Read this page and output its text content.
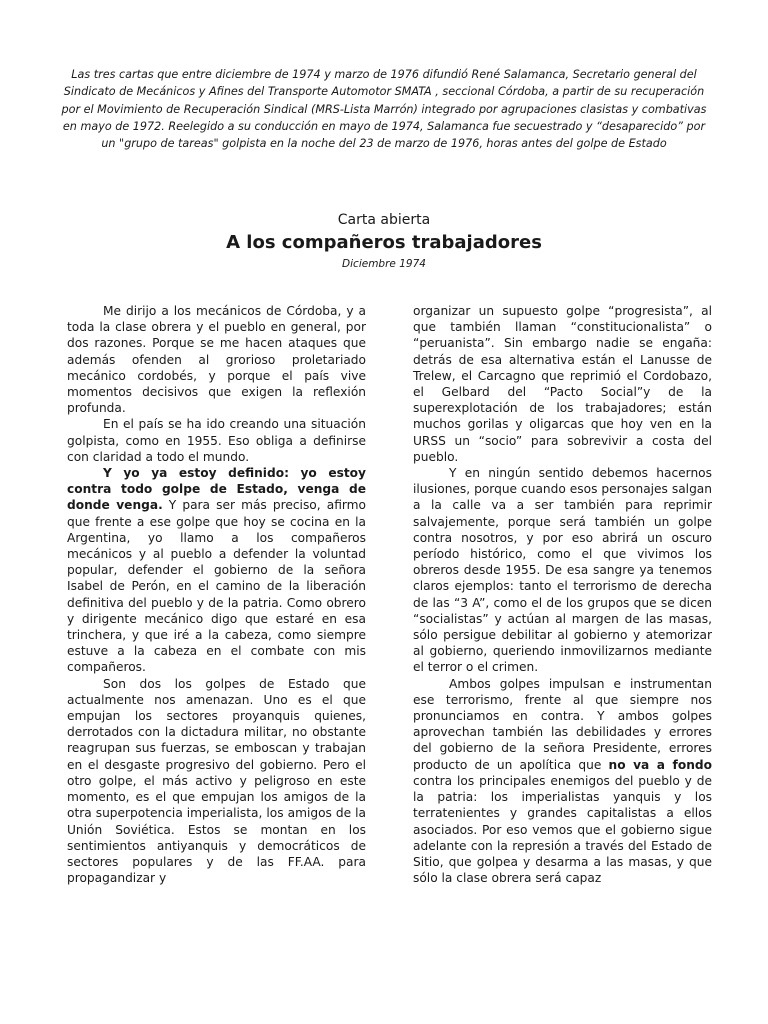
Las tres cartas que entre diciembre de 1974 y marzo de 1976 difundió René Salamanca, Secretario general del Sindicato de Mecánicos y Afines del Transporte Automotor SMATA , seccional Córdoba, a partir de su recuperación por el Movimiento de Recuperación Sindical (MRS-Lista Marrón) integrado por agrupaciones clasistas y combativas en mayo de 1972. Reelegido a su conducción en mayo de 1974, Salamanca fue secuestrado y “desaparecido” por un "grupo de tareas" golpista en la noche del 23 de marzo de 1976, horas antes del golpe de Estado
Carta abierta
A los compañeros trabajadores
Diciembre 1974

Me dirijo a los mecánicos de Córdoba, y a toda la clase obrera y el pueblo en general, por dos razones. Porque se me hacen ataques que además ofenden al grorioso proletariado mecánico cordobés, y porque el país vive momentos decisivos que exigen la reflexión profunda.

En el país se ha ido creando una situación golpista, como en 1955. Eso obliga a definirse con claridad a todo el mundo.

Y yo ya estoy definido: yo estoy contra todo golpe de Estado, venga de donde venga. Y para ser más preciso, afirmo que frente a ese golpe que hoy se cocina en la Argentina, yo llamo a los compañeros mecánicos y al pueblo a defender la voluntad popular, defender el gobierno de la señora Isabel de Perón, en el camino de la liberación definitiva del pueblo y de la patria. Como obrero y dirigente mecánico digo que estaré en esa trinchera, y que iré a la cabeza, como siempre estuve a la cabeza en el combate con mis compañeros.

Son dos los golpes de Estado que actualmente nos amenazan. Uno es el que empujan los sectores proyanquis quienes, derrotados con la dictadura militar, no obstante reagrupan sus fuerzas, se emboscan y trabajan en el desgaste progresivo del gobierno. Pero el otro golpe, el más activo y peligroso en este momento, es el que empujan los amigos de la otra superpotencia imperialista, los amigos de la Unión Soviética. Estos se montan en los sentimientos antiyanquis y democráticos de sectores populares y de las FF.AA. para propagandizar y

organizar un supuesto golpe “progresista”, al que también llaman “constitucionalista” o “peruanista”. Sin embargo nadie se engaña: detrás de esa alternativa están el Lanusse de Trelew, el Carcagno que reprimió el Cordobazo, el Gelbard del “Pacto Social”y de la superexplotación de los trabajadores; están muchos gorilas y oligarcas que hoy ven en la URSS un “socio” para sobrevivir a costa del pueblo.

Y en ningún sentido debemos hacernos ilusiones, porque cuando esos personajes salgan a la calle va a ser también para reprimir salvajemente, porque será también un golpe contra nosotros, y por eso abrirá un oscuro período histórico, como el que vivimos los obreros desde 1955. De esa sangre ya tenemos claros ejemplos: tanto el terrorismo de derecha de las “3 A”, como el de los grupos que se dicen “socialistas” y actúan al margen de las masas, sólo persigue debilitar al gobierno y atemorizar al gobierno, queriendo inmovilizarnos mediante el terror o el crimen.

Ambos golpes impulsan e instrumentan ese terrorismo, frente al que siempre nos pronunciamos en contra. Y ambos golpes aprovechan también las debilidades y errores del gobierno de la señora Presidente, errores producto de un apolítica que no va a fondo contra los principales enemigos del pueblo y de la patria: los imperialistas yanquis y los terratenientes y grandes capitalistas a ellos asociados. Por eso vemos que el gobierno sigue adelante con la represión a través del Estado de Sitio, que golpea y desarma a las masas, y que sólo la clase obrera será capaz
